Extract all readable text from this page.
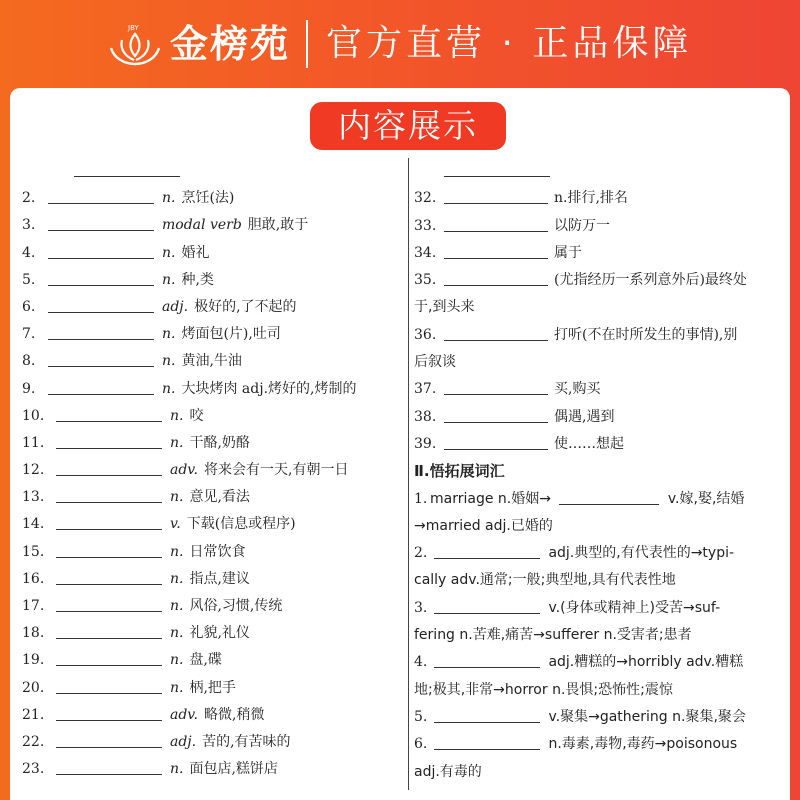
JBY 金榜苑 官方直营 · 正品保障
内容展示
2.	n. 烹饪(法)
3.	modal verb 胆敢,敢于
4.	n. 婚礼
5.	n. 种,类
6.	adj. 极好的,了不起的
7.	n. 烤面包(片),吐司
8.	n. 黄油,牛油
9.	n. 大块烤肉 adj.烤好的,烤制的
10.	n. 咬
11.	n. 干酪,奶酪
12.	adv. 将来会有一天,有朝一日
13.	n. 意见,看法
14.	v. 下载(信息或程序)
15.	n. 日常饮食
16.	n. 指点,建议
17.	n. 风俗,习惯,传统
18.	n. 礼貌,礼仪
19.	n. 盘,碟
20.	n. 柄,把手
21.	adv. 略微,稍微
22.	adj. 苦的,有苦味的
23.	n. 面包店,糕饼店
32.	n.排行,排名
33.	以防万一
34.	属于
35.	(尤指经历一系列意外后)最终处
于,到头来
36.	打听(不在时所发生的事情),别
后叙谈
37.	买,购买
38.	偶遇,遇到
39.	使……想起
Ⅱ.悟拓展词汇
1. marriage n.婚姻→	v.嫁,娶,结婚
→married adj.已婚的
2.	adj.典型的,有代表性的→typi-
cally adv.通常;一般;典型地,具有代表性地
3.	v.(身体或精神上)受苦→suf-
fering n.苦难,痛苦→sufferer n.受害者;患者
4.	adj.糟糕的→horribly adv.糟糕
地;极其,非常→horror n.畏惧;恐怖性;震惊
5.	v.聚集→gathering n.聚集,聚会
6.	n.毒素,毒物,毒药→poisonous
adj.有毒的
